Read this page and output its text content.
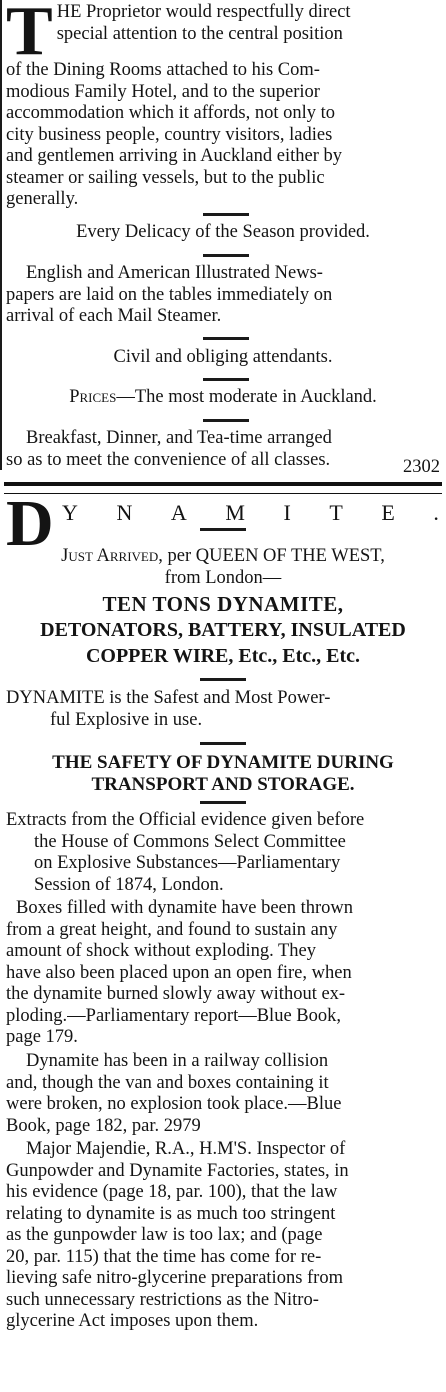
T HE Proprietor would respectfully direct

special attention to the central position

of the Dining Rooms attached to his Com-

modious Family Hotel, and to the superior

accommodation which it affords, not only to

city business people, country visitors, ladies

and gentlemen arriving in Auckland either by

steamer or sailing vessels, but to the public

generally.

Every Delicacy of the Season provided.

English and American Illustrated News-

papers are laid on the tables immediately on

arrival of each Mail Steamer.

Civil and obliging attendants.

Prices—The most moderate in Auckland.

Breakfast, Dinner, and Tea-time arranged

so as to meet the convenience of all classes.	2302

D Y N A M I T E .

Just Arrived, per QUEEN OF THE WEST,

from London—

TEN TONS DYNAMITE,

DETONATORS, BATTERY, INSULATED

COPPER WIRE, Etc., Etc., Etc.

DYNAMITE is the Safest and Most Power-

ful Explosive in use.

THE SAFETY OF DYNAMITE DURING

TRANSPORT AND STORAGE.

Extracts from the Official evidence given before

the House of Commons Select Committee

on Explosive Substances—Parliamentary

Session of 1874, London.

Boxes filled with dynamite have been thrown

from a great height, and found to sustain any

amount of shock without exploding. They

have also been placed upon an open fire, when

the dynamite burned slowly away without ex-

ploding.—Parliamentary report—Blue Book,

page 179.

Dynamite has been in a railway collision

and, though the van and boxes containing it

were broken, no explosion took place.—Blue

Book, page 182, par. 2979

Major Majendie, R.A., H.M'S. Inspector of

Gunpowder and Dynamite Factories, states, in

his evidence (page 18, par. 100), that the law

relating to dynamite is as much too stringent

as the gunpowder law is too lax; and (page

20, par. 115) that the time has come for re-

lieving safe nitro-glycerine preparations from

such unnecessary restrictions as the Nitro-

glycerine Act imposes upon them.
